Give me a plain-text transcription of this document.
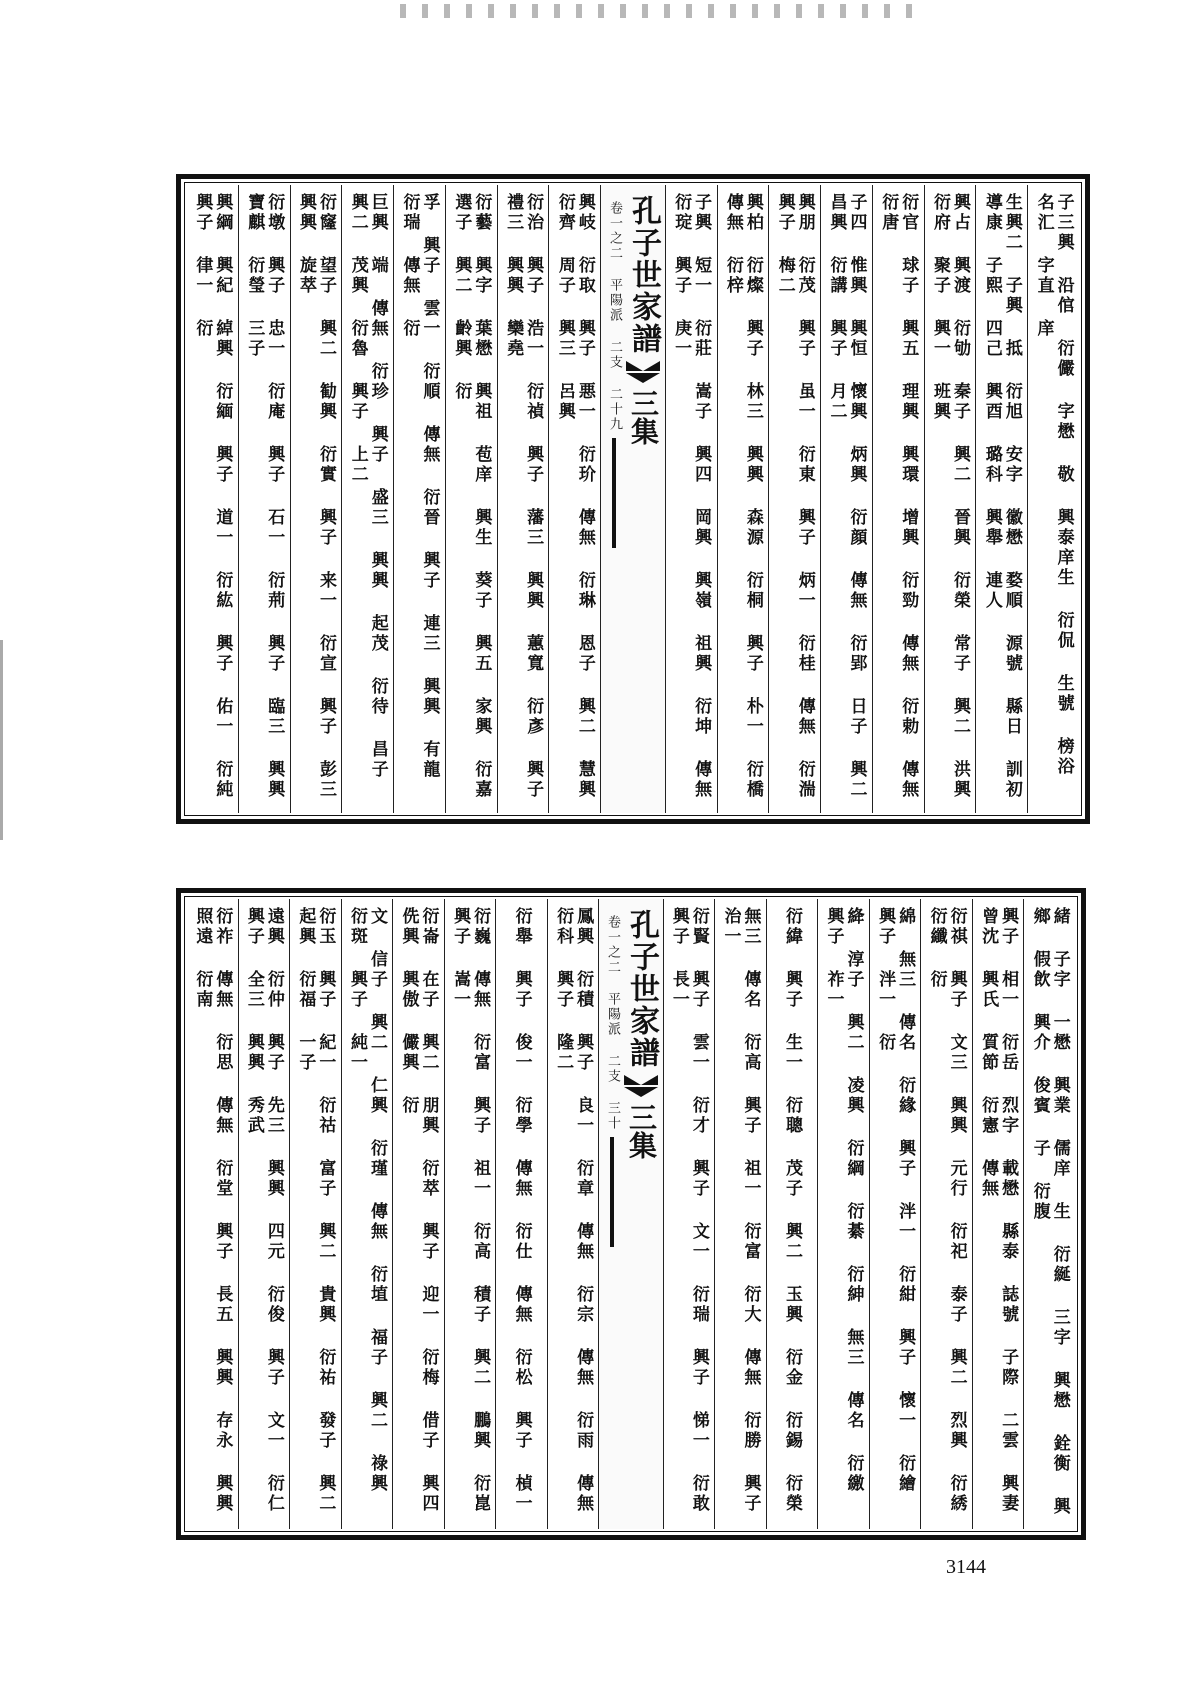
子三興 沿倌 衍儼 字懋 敬 興泰庠生 衍侃 生號 榜浴 名汇 字直 庠
生興二 子興 抵 衍旭 安字 徽懋 婺順 源號 縣日 訓初 導康 子熙 四己 興酉 璐科 興舉 連人
興占 興渡 衍劬 秦子 興二 晉興 衍榮 常子 興二 洪興 衍府 聚子 興一 班興
衍官 球子 興五 理興 興環 增興 衍勁 傳無 衍勅 傳無 衍唐
子四 惟興 興恒 懷興 炳興 衍顔 傳無 衍郢 日子 興二 昌興 衍講 興子 月二
興朋 衍茂 興子 虽一 衍東 興子 炳一 衍桂 傳無 衍湍 興子 梅二
興柏 衍燦 興子 林三 興興 森源 衍桐 興子 朴一 衍橋 傳無 衍梓
子興 短一 衍莊 嵩子 興四 岡興 興嶺 祖興 衍坤 傳無 衍琔 興子 庚一
孔子世家譜
三集
卷一之二 平陽派 二支 二十九
興岐 衍取 興子 悪一 衍玠 傳無 衍琳 恩子 興二 慧興 衍齊 周子 興三 呂興
衍治 興子 浩一 衍禎 興子 藩三 興興 蕙寬 衍彥 興子 禮三 興興 欒堯
衍藝 興字 葉懋 興祖 苞庠 興生 葵子 興五 家興 衍嘉 選子 興二 齡興 衍
孚 興子 雲一 衍順 傳無 衍晉 興子 連三 興興 有龍 衍瑞 傳無 衍
巨興 端 傳無 衍珍 興子 盛三 興興 起茂 衍待 昌子 興二 茂興 衍魯 興子 上二
衍窿 望子 興二 勧興 衍實 興子 来一 衍宣 興子 彭三 興興 旋萃
衍墩 興子 忠一 衍庵 興子 石一 衍荊 興子 臨三 興興 寶麒 衍瑩 三子
興綱 興紀 綽興 衍緬 興子 道一 衍紘 興子 佑一 衍純 興子 律一 衍
緒 子字 一懋 興業 儒庠 生 衍綖 三字 興懋 銓衡 興鄉 假飲 興介 俊賓 子 衍腹
興子 相一 衍岳 烈字 載懋 縣泰 誌號 子際 二雲 興妻 曾沈 興氏 質節 衍憲 傳無
衍祺 興子 文三 興興 元行 衍祀 泰子 興二 烈興 衍綉 衍纖 衍
綿 無三 傳名 衍緣 興子 泮一 衍紺 興子 懷一 衍繪 興子 泮一 衍
絳 淳子 興二 凌興 衍綱 衍綦 衍紳 無三 傳名 衍繳 興子 祚一
衍緯 興子 生一 衍聰 茂子 興二 玉興 衍金 衍錫 衍榮
無三 傳名 衍高 興子 祖一 衍富 衍大 傳無 衍勝 興子 治一
衍賢 興子 雲一 衍才 興子 文一 衍瑞 興子 悌一 衍敢 興子 長一
孔子世家譜
三集
卷一之二 平陽派 二支 三十
鳳興 衍積 興子 良一 衍章 傳無 衍宗 傳無 衍雨 傳無 衍科 興子 隆二
衍舉 興子 俊一 衍學 傳無 衍仕 傳無 衍松 興子 楨一
衍巍 傳無 衍富 興子 祖一 衍高 積子 興二 鵬興 衍崑 興子 嵩一
衍崙 在子 興二 朋興 衍萃 興子 迎一 衍梅 借子 興四 侁興 興傲 儼興 衍
文 信子 興二 仁興 衍瑾 傳無 衍埴 福子 興二 祿興 衍斑 興子 純一
衍玉 興子 紀一 衍祜 富子 興二 貴興 衍祐 發子 興二 起興 衍福 一子
遠興 衍仲 興子 先三 興興 四元 衍俊 興子 文一 衍仁 興子 全三 興興 秀武
衍祚 傳無 衍思 傳無 衍堂 興子 長五 興興 存永 興興 照遠 衍南
3144
